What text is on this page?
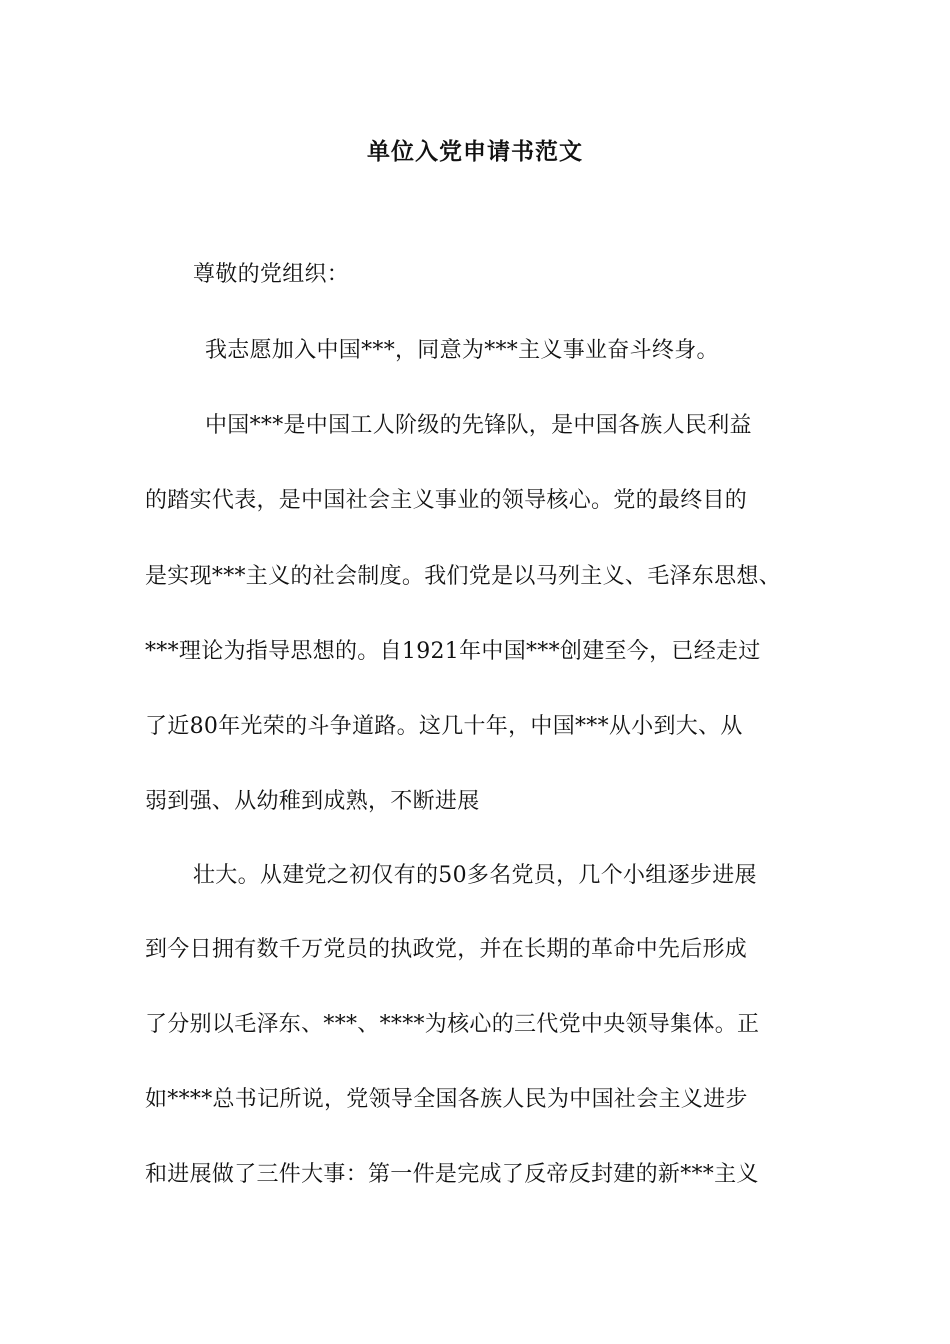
单位入党申请书范文
尊敬的党组织：
我志愿加入中国***，同意为***主义事业奋斗终身。
中国***是中国工人阶级的先锋队，是中国各族人民利益
的踏实代表，是中国社会主义事业的领导核心。党的最终目的
是实现***主义的社会制度。我们党是以马列主义、毛泽东思想、
***理论为指导思想的。自1921年中国***创建至今，已经走过
了近80年光荣的斗争道路。这几十年，中国***从小到大、从
弱到强、从幼稚到成熟，不断进展
壮大。从建党之初仅有的50多名党员，几个小组逐步进展
到今日拥有数千万党员的执政党，并在长期的革命中先后形成
了分别以毛泽东、***、****为核心的三代党中央领导集体。正
如****总书记所说，党领导全国各族人民为中国社会主义进步
和进展做了三件大事：第一件是完成了反帝反封建的新***主义
